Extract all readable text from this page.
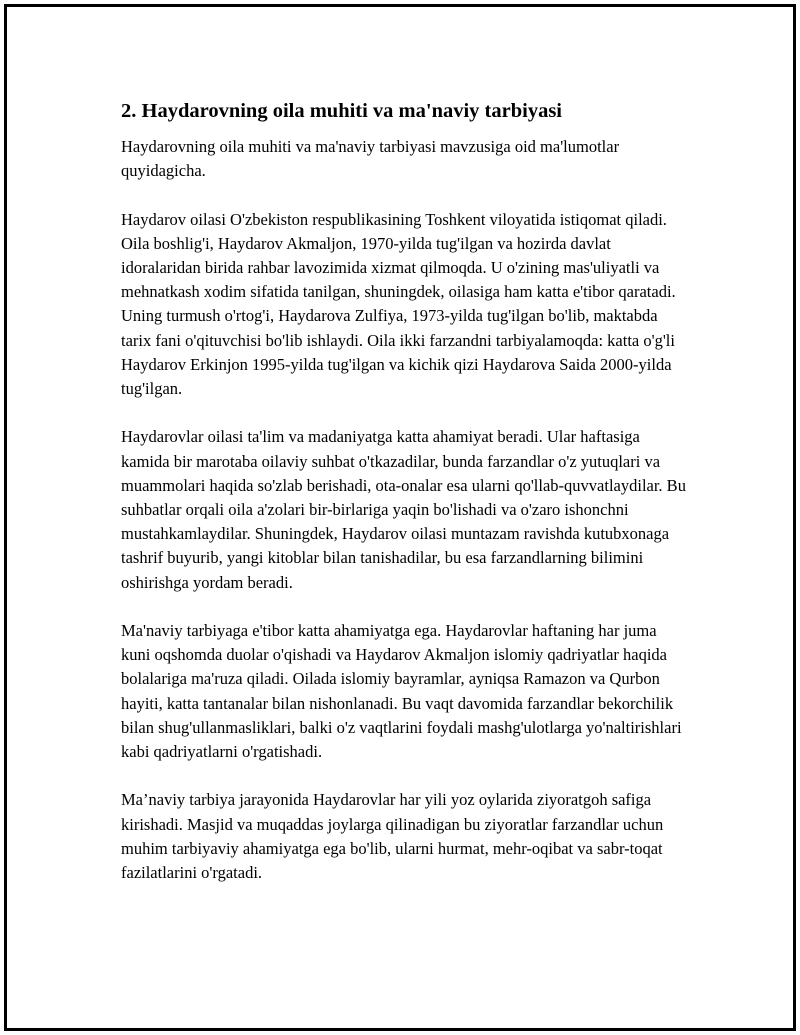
2. Haydarovning oila muhiti va ma'naviy tarbiyasi

Haydarovning oila muhiti va ma'naviy tarbiyasi mavzusiga oid ma'lumotlar quyidagicha.

Haydarov oilasi O'zbekiston respublikasining Toshkent viloyatida istiqomat qiladi. Oila boshlig'i, Haydarov Akmaljon, 1970-yilda tug'ilgan va hozirda davlat idoralaridan birida rahbar lavozimida xizmat qilmoqda. U o'zining mas'uliyatli va mehnatkash xodim sifatida tanilgan, shuningdek, oilasiga ham katta e'tibor qaratadi. Uning turmush o'rtog'i, Haydarova Zulfiya, 1973-yilda tug'ilgan bo'lib, maktabda tarix fani o'qituvchisi bo'lib ishlaydi. Oila ikki farzandni tarbiyalamoqda: katta o'g'li Haydarov Erkinjon 1995-yilda tug'ilgan va kichik qizi Haydarova Saida 2000-yilda tug'ilgan.

Haydarovlar oilasi ta'lim va madaniyatga katta ahamiyat beradi. Ular haftasiga kamida bir marotaba oilaviy suhbat o'tkazadilar, bunda farzandlar o'z yutuqlari va muammolari haqida so'zlab berishadi, ota-onalar esa ularni qo'llab-quvvatlaydilar. Bu suhbatlar orqali oila a'zolari bir-birlariga yaqin bo'lishadi va o'zaro ishonchni mustahkamlaydilar. Shuningdek, Haydarov oilasi muntazam ravishda kutubxonaga tashrif buyurib, yangi kitoblar bilan tanishadilar, bu esa farzandlarning bilimini oshirishga yordam beradi.

Ma'naviy tarbiyaga e'tibor katta ahamiyatga ega. Haydarovlar haftaning har juma kuni oqshomda duolar o'qishadi va Haydarov Akmaljon islomiy qadriyatlar haqida bolalariga ma'ruza qiladi. Oilada islomiy bayramlar, ayniqsa Ramazon va Qurbon hayiti, katta tantanalar bilan nishonlanadi. Bu vaqt davomida farzandlar bekorchilik bilan shug'ullanmasliklari, balki o'z vaqtlarini foydali mashg'ulotlarga yo'naltirishlari kabi qadriyatlarni o'rgatishadi.

Ma’naviy tarbiya jarayonida Haydarovlar har yili yoz oylarida ziyoratgoh safiga kirishadi. Masjid va muqaddas joylarga qilinadigan bu ziyoratlar farzandlar uchun muhim tarbiyaviy ahamiyatga ega bo'lib, ularni hurmat, mehr-oqibat va sabr-toqat fazilatlarini o'rgatadi.
